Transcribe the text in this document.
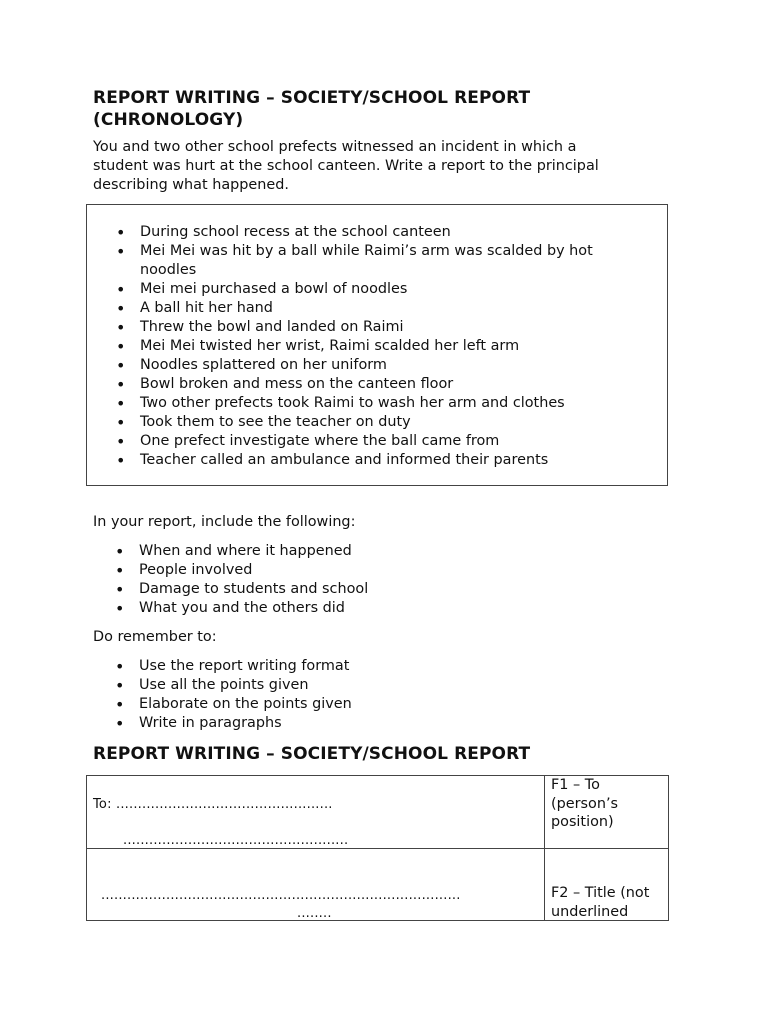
REPORT WRITING – SOCIETY/SCHOOL REPORT
(CHRONOLOGY)

You and two other school prefects witnessed an incident in which a
student was hurt at the school canteen. Write a report to the principal
describing what happened.

• During school recess at the school canteen
• Mei Mei was hit by a ball while Raimi’s arm was scalded by hot noodles
• Mei mei purchased a bowl of noodles
• A ball hit her hand
• Threw the bowl and landed on Raimi
• Mei Mei twisted her wrist, Raimi scalded her left arm
• Noodles splattered on her uniform
• Bowl broken and mess on the canteen floor
• Two other prefects took Raimi to wash her arm and clothes
• Took them to see the teacher on duty
• One prefect investigate where the ball came from
• Teacher called an ambulance and informed their parents

In your report, include the following:

• When and where it happened
• People involved
• Damage to students and school
• What you and the others did

Do remember to:

• Use the report writing format
• Use all the points given
• Elaborate on the points given
• Write in paragraphs
REPORT WRITING – SOCIETY/SCHOOL REPORT
To: ..................................................
....................................................
F1 – To
(person’s
position)
...................................................................................
........
F2 – Title (not
underlined
